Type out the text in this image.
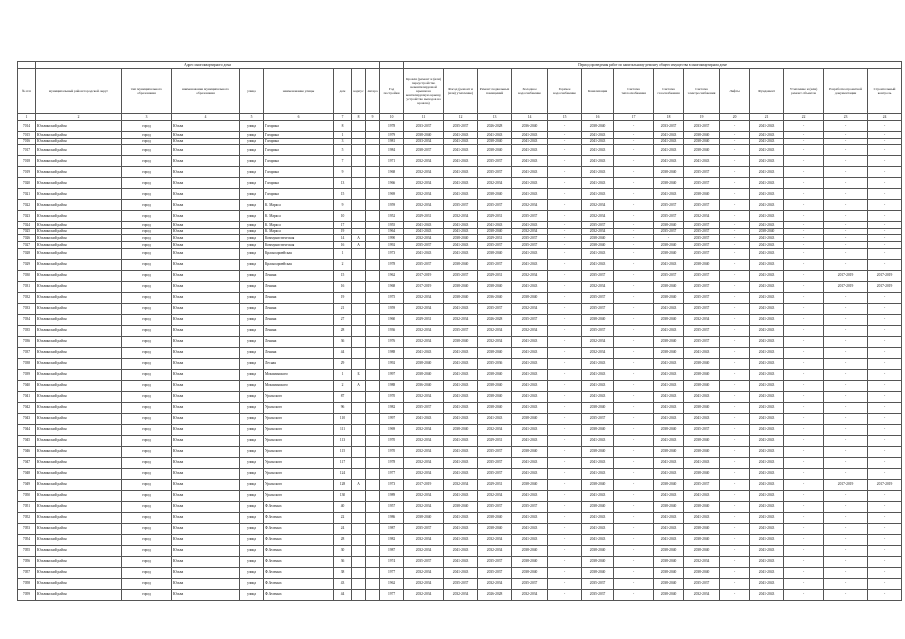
	Адрес многоквартирного дома									Период проведения работ по капитальному ремонту общего имущества в многоквартирном доме													
№ п/п	муниципальный район/городской округ	тип муниципального образования	наименование муниципального образования	улица	наименование улицы	дом	корпус	литера	Год постройки	Кровля (ремонт и (или) переустройство невентилируемой крыши на вентилируемую крышу, устройство выходов на кровлю)	Фасад (ремонт и (или) утепление)	Ремонт подвальных помещений	Холодное водоснабжение	Горячее водоснабжение	Канализация	Система теплоснабжения	Система газоснабжения	Система электроснабжения	Лифты	Фундамент	Утепление и (или) ремонт объектов	Разработка проектной документации	Строительный контроль
1	2	3	4	5	6	7	8	9	10	11	12	13	14	15	16	17	18	19	20	21	22	23	24
7014	Юсьвинский район	город	Юсьва	улица	Гагарина	8			1978	2033-2037	2035-2037	2026-2028	2036-2040	-	2038-2040	-	2033-2037	2033-2037	-	2041-2043	-	-	-
7015	Юсьвинский район	город	Юсьва	улица	Гагарина	1			1979	2038-2040	2041-2043	2041-2043	2041-2043	-	2041-2043	-	2041-2043	2038-2040	-	2041-2043	-	-	-
7016	Юсьвинский район	город	Юсьва	улица	Гагарина	3			1981	2033-2034	2041-2043	2038-2040	2041-2043	-	2041-2043	-	2041-2043	2038-2040	-	2041-2043	-	-	-
7017	Юсьвинский район	город	Юсьва	улица	Гагарина	5			1984	2038-2037	2041-2043	2038-2040	2041-2043	-	2041-2043	-	2041-2043	2038-2040	-	2041-2043	-	-	-
7018	Юсьвинский район	город	Юсьва	улица	Гагарина	7			1971	2032-2034	2041-2043	2035-2037	2041-2043	-	2041-2043	-	2041-2043	2041-2043	-	2041-2043	-	-	-
7019	Юсьвинский район	город	Юсьва	улица	Гагарина	9			1968	2032-2034	2041-2043	2035-2037	2041-2043	-	2041-2043	-	2038-2040	2035-2037	-	2041-2043	-	-	-
7020	Юсьвинский район	город	Юсьва	улица	Гагарина	13			1966	2032-2034	2041-2043	2032-2034	2041-2043	-	2041-2043	-	2038-2040	2035-2037	-	2041-2043	-	-	-
7021	Юсьвинский район	город	Юсьва	улица	Гагарина	15			1969	2032-2034	2041-2043	2038-2040	2041-2043	-	2041-2043	-	2041-2043	2038-2040	-	2041-2043	-	-	-
7022	Юсьвинский район	город	Юсьва	улица	К. Маркса	9			1959	2032-2034	2035-2037	2035-2037	2032-2034	-	2032-2034	-	2035-2037	2035-2037	-	2041-2043	-	-	-
7023	Юсьвинский район	город	Юсьва	улица	К. Маркса	10			1952	2029-2031	2032-2034	2029-2031	2035-2037	-	2032-2034	-	2035-2037	2032-2034	-	2041-2043	-	-	-
7024	Юсьвинский район	город	Юсьва	улица	К. Маркса	17			1955	2041-2043	2041-2043	2041-2043	2041-2043	-	2035-2037	-	2038-2040	2035-2037	-	2041-2043	-	-	-
7025	Юсьвинский район	город	Юсьва	улица	К. Маркса	19			1964	2041-2043	2041-2043	2038-2040	2032-2034	-	2032-2034	-	2035-2037	2035-2037	-	2038-2040	-	-	-
7026	Юсьвинский район	город	Юсьва	улица	Коммунистическая	14	А		1990	2032-2034	2038-2040	2029-2031	2035-2037	-	2038-2040	-	-	2035-2037	-	2041-2043	-	-	-
7027	Юсьвинский район	город	Юсьва	улица	Коммунистическая	16	А		1992	2035-2037	2041-2043	2035-2037	2035-2037	-	2038-2040	-	2038-2040	2035-2037	-	2041-2043	-	-	-
7028	Юсьвинский район	город	Юсьва	улица	Красноармейская	1			1973	2041-2043	2041-2043	2038-2040	2041-2043	-	2041-2043	-	2038-2040	2035-2037	-	2041-2043	-	-	-
7029	Юсьвинский район	город	Юсьва	улица	Красноармейская	2			1978	2035-2037	2038-2040	2035-2037	2041-2043	-	2041-2043	-	2041-2043	2038-2040	-	2041-2043	-	-	-
7030	Юсьвинский район	город	Юсьва	улица	Ленина	15			1962	2017-2019	2035-2037	2029-2031	2032-2034	-	2035-2037	-	2035-2037	2035-2037	-	2041-2043	-	2017-2019	2017-2019
7031	Юсьвинский район	город	Юсьва	улица	Ленина	16			1968	2017-2019	2038-2040	2038-2040	2041-2043	-	2032-2034	-	2038-2040	2035-2037	-	2041-2043	-	2017-2019	2017-2019
7032	Юсьвинский район	город	Юсьва	улица	Ленина	19			1975	2032-2034	2038-2040	2036-2040	2038-2040	-	2035-2037	-	2038-2040	2035-2037	-	2041-2043	-	-	-
7033	Юсьвинский район	город	Юсьва	улица	Ленина	21			1959	2032-2034	2041-2043	2035-2037	2032-2034	-	2035-2037	-	2041-2043	2035-2037	-	2041-2043	-	-	-
7034	Юсьвинский район	город	Юсьва	улица	Ленина	27			1960	2029-2031	2032-2034	2026-2028	2035-2037	-	2038-2040	-	2038-2040	2032-2034	-	2041-2043	-	-	-
7035	Юсьвинский район	город	Юсьва	улица	Ленина	28			1936	2032-2034	2035-2037	2032-2034	2032-2034	-	2035-2037	-	2041-2043	2035-2037	-	2041-2043	-	-	-
7036	Юсьвинский район	город	Юсьва	улица	Ленина	36			1976	2032-2034	2038-2040	2032-2034	2041-2043	-	2032-2034	-	2038-2040	2035-2037	-	2041-2043	-	-	-
7037	Юсьвинский район	город	Юсьва	улица	Ленина	44			1988	2041-2043	2041-2043	2038-2040	2041-2043	-	2032-2034	-	2038-2040	2041-2043	-	2041-2043	-	-	-
7038	Юсьвинский район	город	Юсьва	улица	Лесная	29			1992	2038-2040	2041-2043	2035-2036	2041-2043	-	2041-2043	-	2041-2043	2038-2040	-	2041-2043	-	-	-
7039	Юсьвинский район	город	Юсьва	улица	Мокиминского	1	Б		1997	2038-2040	2041-2043	2038-2040	2041-2043	-	2041-2043	-	2041-2043	2038-2040	-	2041-2043	-	-	-
7040	Юсьвинский район	город	Юсьва	улица	Мокиминского	2	А		1988	2036-2040	2041-2043	2038-2040	2041-2043	-	2041-2043	-	2041-2043	2038-2040	-	2041-2043	-	-	-
7041	Юсьвинский район	город	Юсьва	улица	Уральского	87			1970	2032-2034	2041-2043	2038-2040	2041-2043	-	2041-2043	-	2041-2043	2041-2043	-	2041-2043	-	-	-
7042	Юсьвинский район	город	Юсьва	улица	Уральского	96			1982	2035-2037	2041-2043	2038-2040	2041-2043	-	2038-2040	-	2041-2043	2038-2040	-	2041-2043	-	-	-
7043	Юсьвинский район	город	Юсьва	улица	Уральского	110			1997	2041-2043	2041-2043	2041-2043	2038-2040	-	2035-2037	-	2041-2043	2041-2043	-	2041-2043	-	-	-
7044	Юсьвинский район	город	Юсьва	улица	Уральского	111			1969	2032-2034	2038-2040	2032-2034	2041-2043	-	2038-2040	-	2038-2040	2035-2037	-	2041-2043	-	-	-
7045	Юсьвинский район	город	Юсьва	улица	Уральского	113			1970	2032-2034	2041-2043	2029-2031	2041-2043	-	2041-2043	-	2041-2043	2038-2040	-	2041-2043	-	-	-
7046	Юсьвинский район	город	Юсьва	улица	Уральского	115			1970	2032-2034	2041-2043	2035-2037	2038-2040	-	2038-2040	-	2038-2040	2038-2040	-	2041-2043	-	-	-
7047	Юсьвинский район	город	Юсьва	улица	Уральского	117			1978	2032-2034	2041-2043	2035-2037	2041-2043	-	2041-2043	-	2041-2043	2041-2043	-	2041-2043	-	-	-
7048	Юсьвинский район	город	Юсьва	улица	Уральского	124			1977	2032-2034	2041-2043	2035-2037	2041-2043	-	2041-2043	-	2041-2043	2038-2040	-	2041-2043	-	-	-
7049	Юсьвинский район	город	Юсьва	улица	Уральского	128	А		1973	2017-2019	2032-2034	2029-2031	2038-2040	-	2038-2040	-	2038-2040	2035-2037	-	2041-2043	-	2017-2019	2017-2019
7050	Юсьвинский район	город	Юсьва	улица	Уральского	130			1989	2032-2034	2041-2043	2032-2034	2041-2043	-	2041-2043	-	2041-2043	2041-2043	-	2041-2043	-	-	-
7051	Юсьвинский район	город	Юсьва	улица	Ф.Зеленых	40			1957	2032-2034	2038-2040	2035-2037	2035-2037	-	2038-2040	-	2038-2040	2038-2040	-	2041-2043	-	-	-
7052	Юсьвинский район	город	Юсьва	улица	Ф.Зеленых	22			1986	2038-2040	2041-2043	2038-2040	2041-2043	-	2041-2043	-	2041-2043	2041-2043	-	2041-2043	-	-	-
7053	Юсьвинский район	город	Юсьва	улица	Ф.Зеленых	24			1987	2035-2037	2041-2043	2038-2040	2041-2043	-	2041-2043	-	2041-2043	2038-2040	-	2041-2043	-	-	-
7054	Юсьвинский район	город	Юсьва	улица	Ф.Зеленых	28			1982	2032-2034	2041-2043	2032-2034	2041-2043	-	2041-2043	-	2041-2043	2038-2040	-	2041-2043	-	-	-
7055	Юсьвинский район	город	Юсьва	улица	Ф.Зеленых	30			1987	2032-2034	2041-2043	2032-2034	2038-2040	-	2038-2040	-	2038-2040	2038-2040	-	2041-2043	-	-	-
7056	Юсьвинский район	город	Юсьва	улица	Ф.Зеленых	36			1974	2035-2037	2041-2043	2035-2037	2038-2040	-	2038-2040	-	2038-2040	2032-2034	-	2041-2043	-	-	-
7057	Юсьвинский район	город	Юсьва	улица	Ф.Зеленых	38			1977	2032-2034	2041-2043	2035-2037	2038-2040	-	2038-2040	-	2038-2040	2038-2040	-	2041-2043	-	-	-
7058	Юсьвинский район	город	Юсьва	улица	Ф.Зеленых	43			1962	2032-2034	2035-2037	2032-2034	2035-2037	-	2035-2037	-	2038-2040	2035-2037	-	2041-2043	-	-	-
7059	Юсьвинский район	город	Юсьва	улица	Ф.Зеленых	44			1977	2032-2034	2032-2034	2026-2028	2032-2034	-	2035-2037	-	2038-2040	2032-2034	-	2041-2043	-	-	-
